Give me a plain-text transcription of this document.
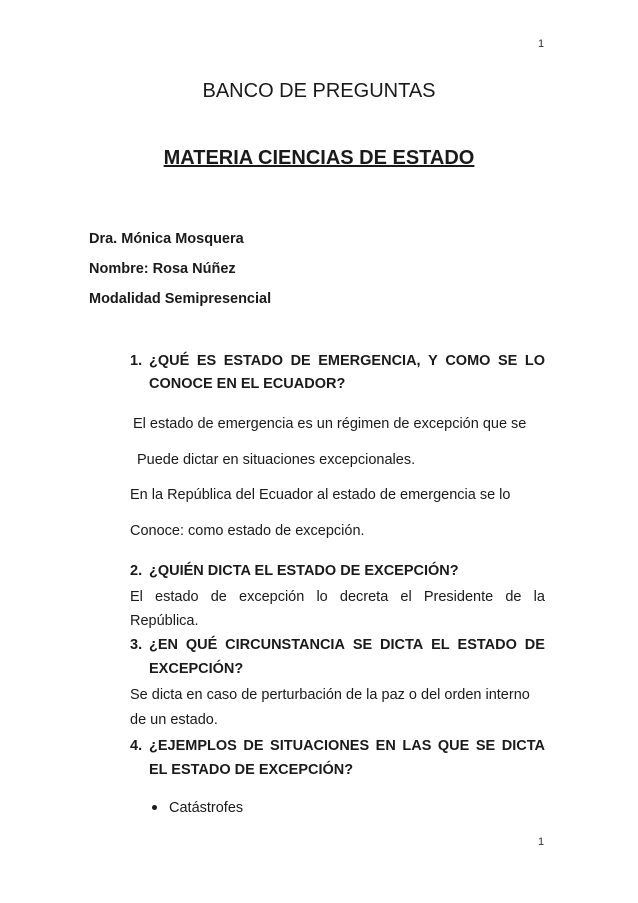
1
BANCO DE PREGUNTAS
MATERIA CIENCIAS DE ESTADO
Dra. Mónica Mosquera
Nombre: Rosa Núñez
Modalidad Semipresencial
1. ¿QUÉ ES ESTADO DE EMERGENCIA, Y COMO SE LO
CONOCE EN EL ECUADOR?
El estado de emergencia es un régimen de excepción que se
Puede dictar en situaciones excepcionales.
En la República del Ecuador al estado de emergencia se lo
Conoce: como estado de excepción.
2. ¿QUIÉN DICTA EL ESTADO DE EXCEPCIÓN?
El estado de excepción lo decreta el Presidente de la
República.
3. ¿EN QUÉ CIRCUNSTANCIA SE DICTA EL ESTADO DE
EXCEPCIÓN?
Se dicta en caso de perturbación de la paz o del orden interno
de un estado.
4. ¿EJEMPLOS DE SITUACIONES EN LAS QUE SE DICTA
EL ESTADO DE EXCEPCIÓN?
Catástrofes
1
